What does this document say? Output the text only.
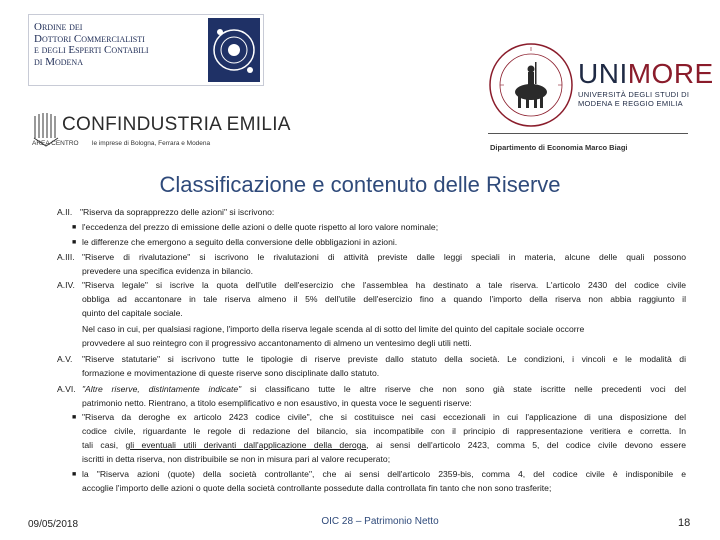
Ordine dei
Dottori Commercialisti
e degli Esperti Contabili
di Modena
CONFINDUSTRIA EMILIA
AREA CENTRO le imprese di Bologna, Ferrara e Modena
UNIMORE
UNIVERSITÀ DEGLI STUDI DI
MODENA E REGGIO EMILIA
Dipartimento di Economia Marco Biagi
Classificazione e contenuto delle Riserve
A.II. "Riserva da soprapprezzo delle azioni" si iscrivono:
■ l'eccedenza del prezzo di emissione delle azioni o delle quote rispetto al loro valore nominale;
■ le differenze che emergono a seguito della conversione delle obbligazioni in azioni.
A.III. "Riserve di rivalutazione" si iscrivono le rivalutazioni di attività previste dalle leggi speciali in materia, alcune delle quali possono
prevedere una specifica evidenza in bilancio.
A.IV. "Riserva legale" si iscrive la quota dell'utile dell'esercizio che l'assemblea ha destinato a tale riserva. L'articolo 2430 del codice civile
obbliga ad accantonare in tale riserva almeno il 5% dell'utile dell'esercizio fino a quando l'importo della riserva non abbia raggiunto il
quinto del capitale sociale.
Nel caso in cui, per qualsiasi ragione, l'importo della riserva legale scenda al di sotto del limite del quinto del capitale sociale occorre
provvedere al suo reintegro con il progressivo accantonamento di almeno un ventesimo degli utili netti.
A.V. "Riserve statutarie" si iscrivono tutte le tipologie di riserve previste dallo statuto della società. Le condizioni, i vincoli e le modalità di
formazione e movimentazione di queste riserve sono disciplinate dallo statuto.
A.VI. "Altre riserve, distintamente indicate" si classificano tutte le altre riserve che non sono già state iscritte nelle precedenti voci del
patrimonio netto. Rientrano, a titolo esemplificativo e non esaustivo, in questa voce le seguenti riserve:
■ "Riserva da deroghe ex articolo 2423 codice civile", che si costituisce nei casi eccezionali in cui l'applicazione di una disposizione del
codice civile, riguardante le regole di redazione del bilancio, sia incompatibile con il principio di rappresentazione veritiera e corretta. In
tali casi, gli eventuali utili derivanti dall'applicazione della deroga, ai sensi dell'articolo 2423, comma 5, del codice civile devono essere
iscritti in detta riserva, non distribuibile se non in misura pari al valore recuperato;
■ la "Riserva azioni (quote) della società controllante", che ai sensi dell'articolo 2359-bis, comma 4, del codice civile è indisponibile e
accoglie l'importo delle azioni o quote della società controllante possedute dalla controllata fin tanto che non sono trasferite;
09/05/2018	OIC 28 – Patrimonio Netto	18
